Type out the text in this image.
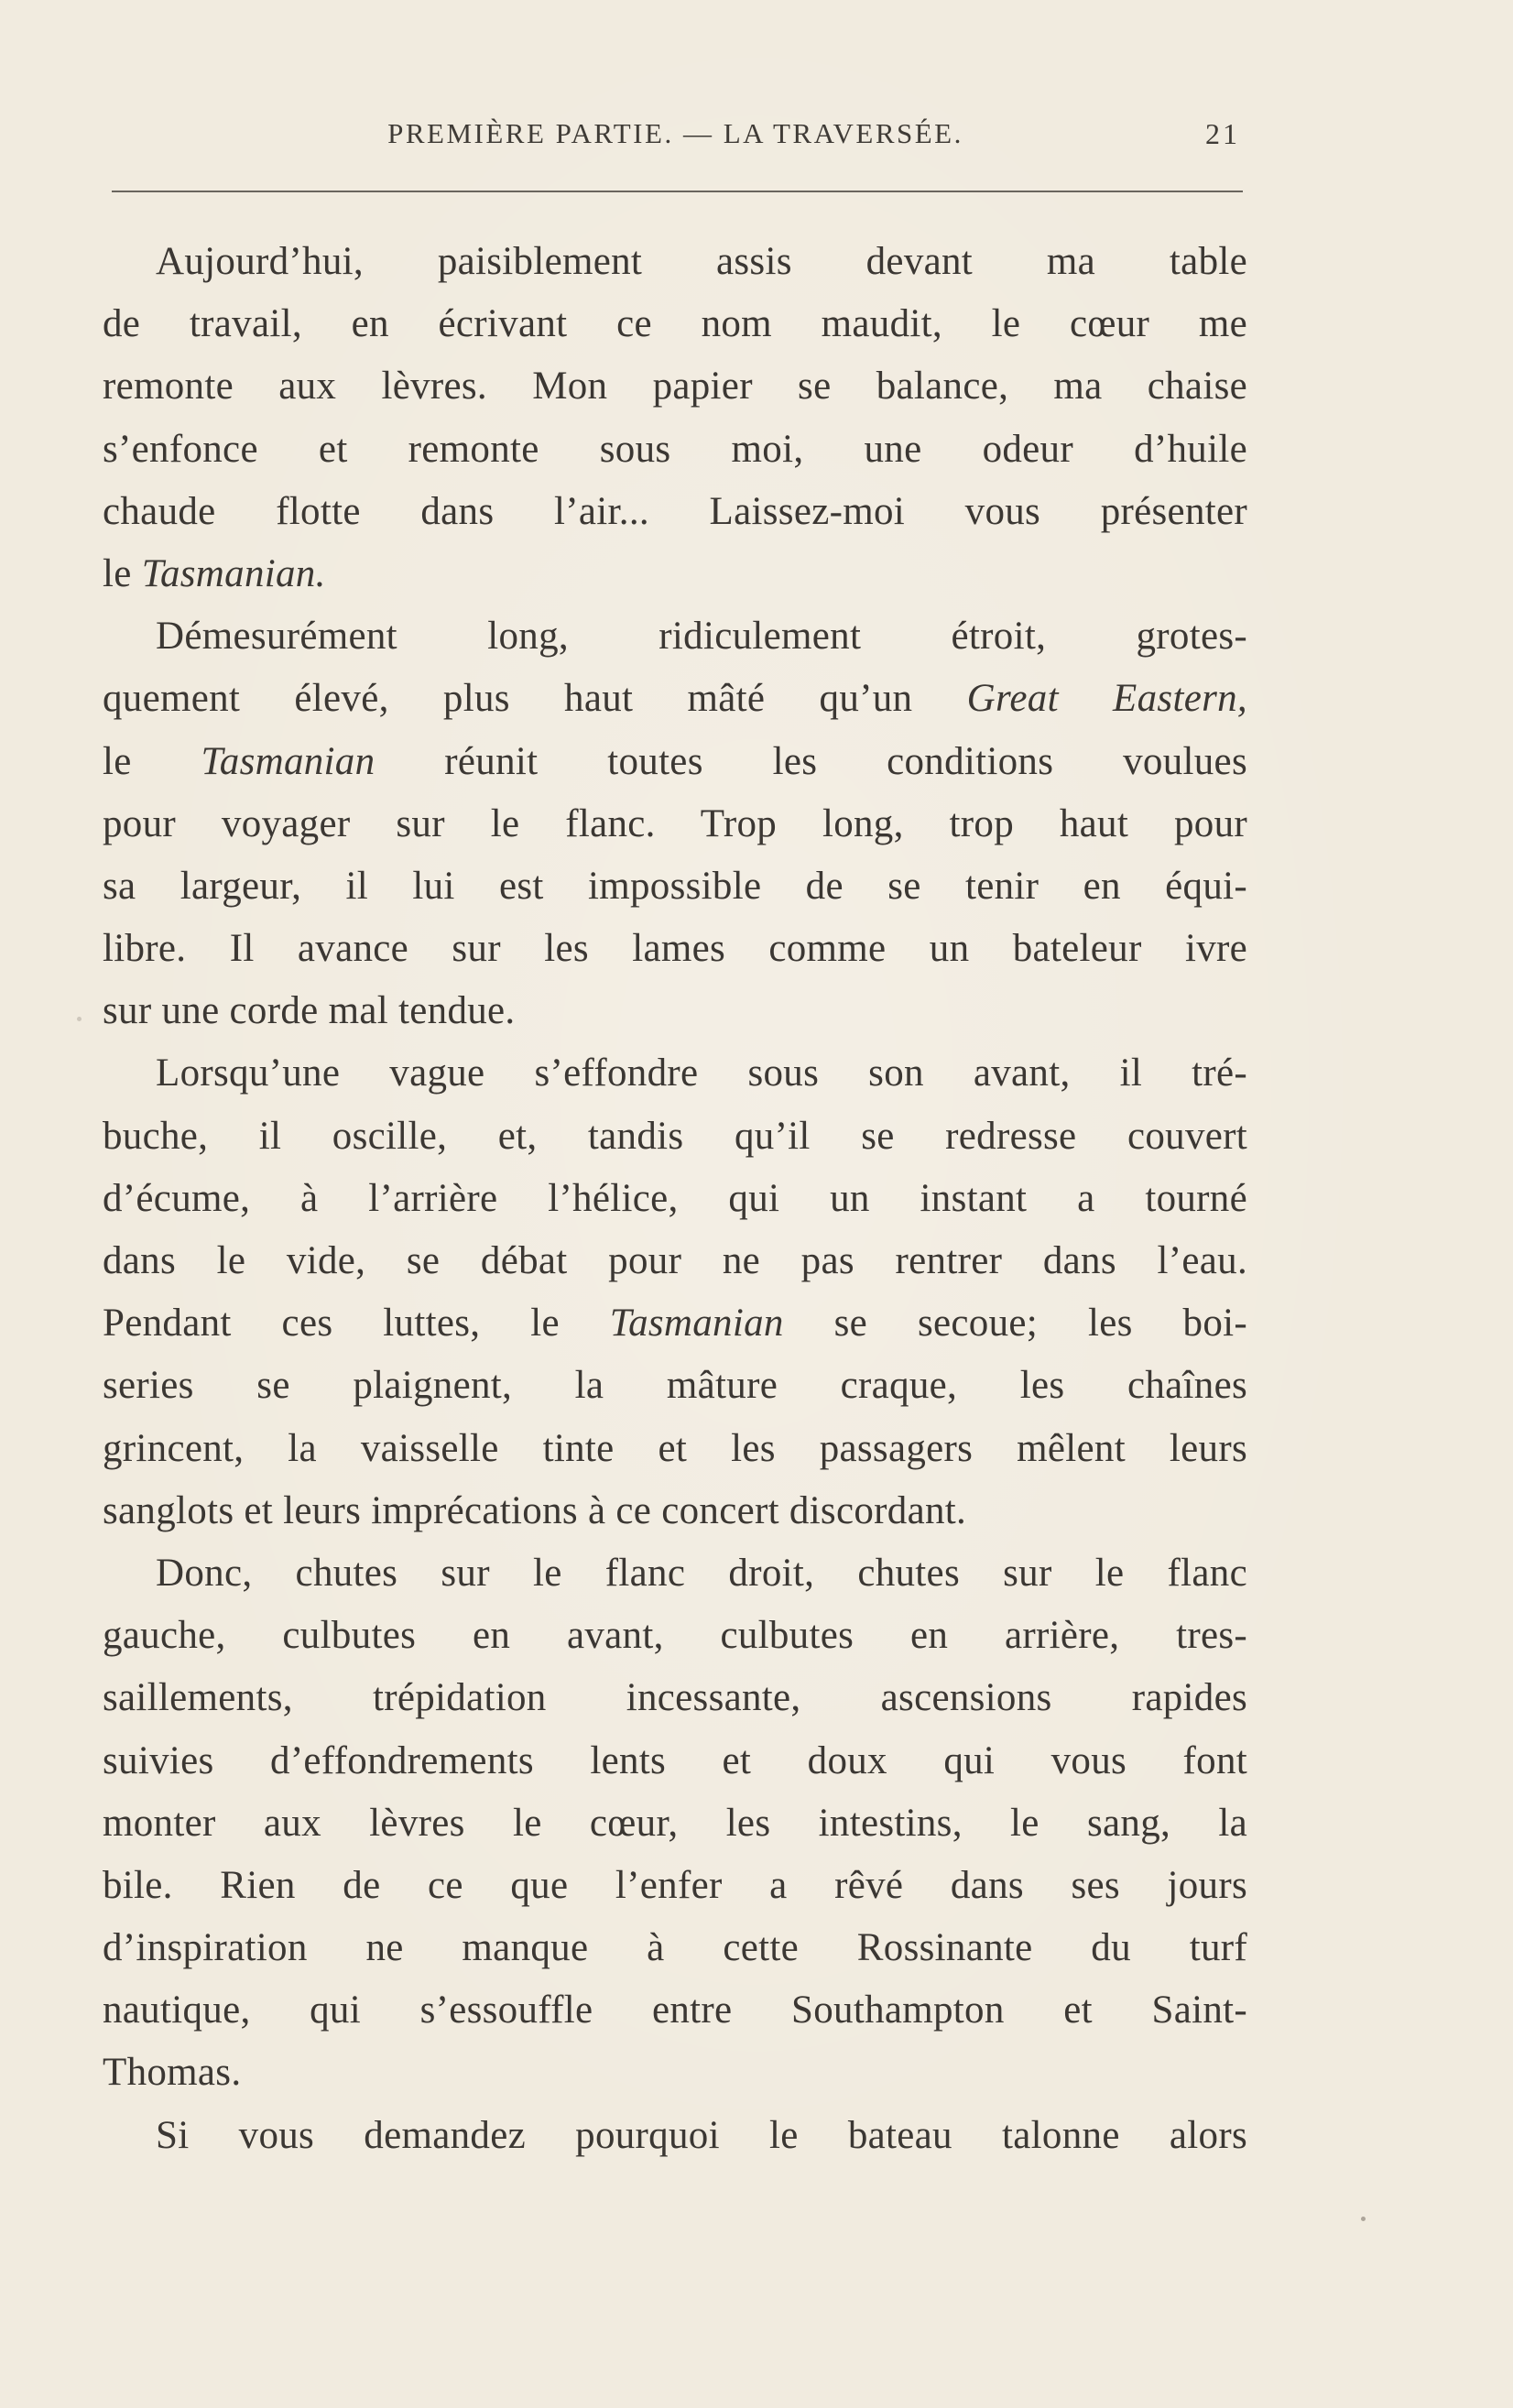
PREMIÈRE PARTIE. — LA TRAVERSÉE.	21
Aujourd’hui, paisiblement assis devant ma table
de travail, en écrivant ce nom maudit, le cœur me
remonte aux lèvres. Mon papier se balance, ma chaise
s’enfonce et remonte sous moi, une odeur d’huile
chaude flotte dans l’air... Laissez-moi vous présenter
le Tasmanian.
Démesurément long, ridiculement étroit, grotes-
quement élevé, plus haut mâté qu’un Great Eastern,
le Tasmanian réunit toutes les conditions voulues
pour voyager sur le flanc. Trop long, trop haut pour
sa largeur, il lui est impossible de se tenir en équi-
libre. Il avance sur les lames comme un bateleur ivre
sur une corde mal tendue.
Lorsqu’une vague s’effondre sous son avant, il tré-
buche, il oscille, et, tandis qu’il se redresse couvert
d’écume, à l’arrière l’hélice, qui un instant a tourné
dans le vide, se débat pour ne pas rentrer dans l’eau.
Pendant ces luttes, le Tasmanian se secoue; les boi-
series se plaignent, la mâture craque, les chaînes
grincent, la vaisselle tinte et les passagers mêlent leurs
sanglots et leurs imprécations à ce concert discordant.
Donc, chutes sur le flanc droit, chutes sur le flanc
gauche, culbutes en avant, culbutes en arrière, tres-
saillements, trépidation incessante, ascensions rapides
suivies d’effondrements lents et doux qui vous font
monter aux lèvres le cœur, les intestins, le sang, la
bile. Rien de ce que l’enfer a rêvé dans ses jours
d’inspiration ne manque à cette Rossinante du turf
nautique, qui s’essouffle entre Southampton et Saint-
Thomas.
Si vous demandez pourquoi le bateau talonne alors
